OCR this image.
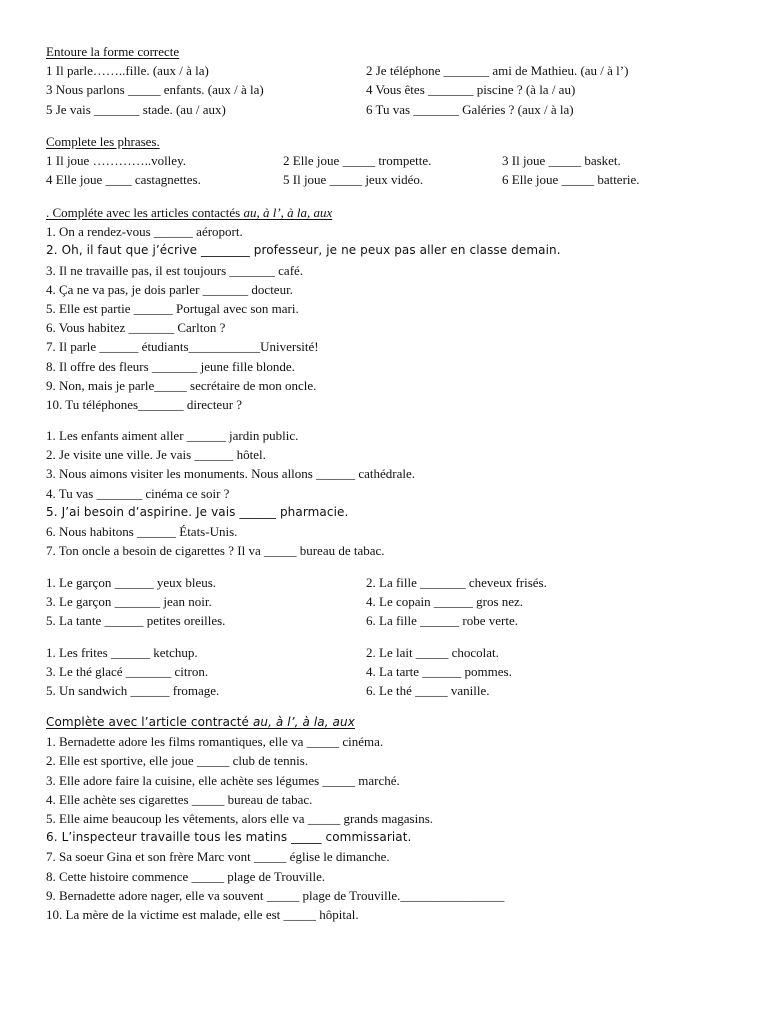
Entoure la forme correcte
1 Il parle……..fille. (aux / à la)	2 Je téléphone _______ ami de Mathieu. (au / à l’)
3 Nous parlons _____ enfants. (aux / à la)	4 Vous êtes _______ piscine ? (à la / au)
5 Je vais _______ stade. (au / aux)	6 Tu vas _______ Galéries ? (aux / à la)
Complete les phrases.
1 Il joue …………..volley.	2 Elle joue _____ trompette.	3 Il joue _____ basket.
4 Elle joue ____ castagnettes.	5 Il joue _____ jeux vidéo.	6 Elle joue _____ batterie.
. Compléte avec les articles contactés au, à l’, à la, aux
1. On a rendez-vous ______ aéroport.
2. Oh, il faut que j’écrive ________ professeur, je ne peux pas aller en classe demain.
3. Il ne travaille pas, il est toujours _______ café.
4. Ça ne va pas, je dois parler _______ docteur.
5. Elle est partie ______ Portugal avec son mari.
6. Vous habitez _______ Carlton ?
7. Il parle ______ étudiants___________Université!
8. Il offre des fleurs _______ jeune fille blonde.
9. Non, mais je parle_____ secrétaire de mon oncle.
10. Tu téléphones_______ directeur ?
1. Les enfants aiment aller ______ jardin public.
2. Je visite une ville. Je vais ______ hôtel.
3. Nous aimons visiter les monuments. Nous allons ______ cathédrale.
4. Tu vas _______ cinéma ce soir ?
5. J’ai besoin d’aspirine. Je vais ______ pharmacie.
6. Nous habitons ______ États-Unis.
7. Ton oncle a besoin de cigarettes ? Il va _____ bureau de tabac.
1. Le garçon ______ yeux bleus.	2. La fille _______ cheveux frisés.
3. Le garçon _______ jean noir.	4. Le copain ______ gros nez.
5. La tante ______ petites oreilles.	6. La fille ______ robe verte.
1. Les frites ______ ketchup.	2. Le lait _____ chocolat.
3. Le thé glacé _______ citron.	4. La tarte ______ pommes.
5. Un sandwich ______ fromage.	6. Le thé _____ vanille.
Complète avec l’article contracté au, à l’, à la, aux
1. Bernadette adore les films romantiques, elle va _____ cinéma.
2. Elle est sportive, elle joue _____ club de tennis.
3. Elle adore faire la cuisine, elle achète ses légumes _____ marché.
4. Elle achète ses cigarettes _____ bureau de tabac.
5. Elle aime beaucoup les vêtements, alors elle va _____ grands magasins.
6. L’inspecteur travaille tous les matins _____ commissariat.
7. Sa soeur Gina et son frère Marc vont _____ église le dimanche.
8. Cette histoire commence _____ plage de Trouville.
9. Bernadette adore nager, elle va souvent _____ plage de Trouville.________________
10. La mère de la victime est malade, elle est _____ hôpital.
